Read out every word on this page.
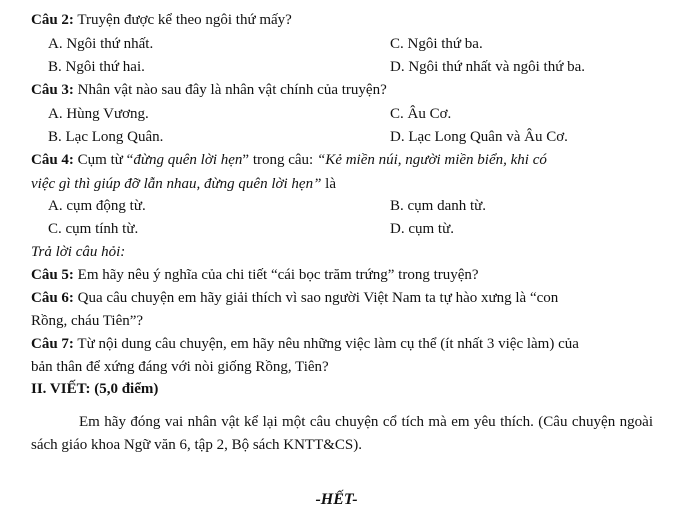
Câu 2: Truyện được kể theo ngôi thứ mấy?
A. Ngôi thứ nhất.	C. Ngôi thứ ba.
B. Ngôi thứ hai.	D. Ngôi thứ nhất và ngôi thứ ba.
Câu 3: Nhân vật nào sau đây là nhân vật chính của truyện?
A. Hùng Vương.	C. Âu Cơ.
B. Lạc Long Quân.	D. Lạc Long Quân và Âu Cơ.
Câu 4: Cụm từ “đừng quên lời hẹn” trong câu: “Kẻ miền núi, người miền biển, khi có
việc gì thì giúp đỡ lẫn nhau, đừng quên lời hẹn” là
A. cụm động từ.	B. cụm danh từ.
C. cụm tính từ.	D. cụm từ.
Trả lời câu hỏi:
Câu 5: Em hãy nêu ý nghĩa của chi tiết “cái bọc trăm trứng” trong truyện?
Câu 6: Qua câu chuyện em hãy giải thích vì sao người Việt Nam ta tự hào xưng là “con
Rồng, cháu Tiên”?
Câu 7: Từ nội dung câu chuyện, em hãy nêu những việc làm cụ thể (ít nhất 3 việc làm) của
bản thân để xứng đáng với nòi giống Rồng, Tiên?
II. VIẾT: (5,0 điểm)
Em hãy đóng vai nhân vật kể lại một câu chuyện cổ tích mà em yêu thích. (Câu chuyện ngoài sách giáo khoa Ngữ văn 6, tập 2, Bộ sách KNTT&CS).
-HẾT-
